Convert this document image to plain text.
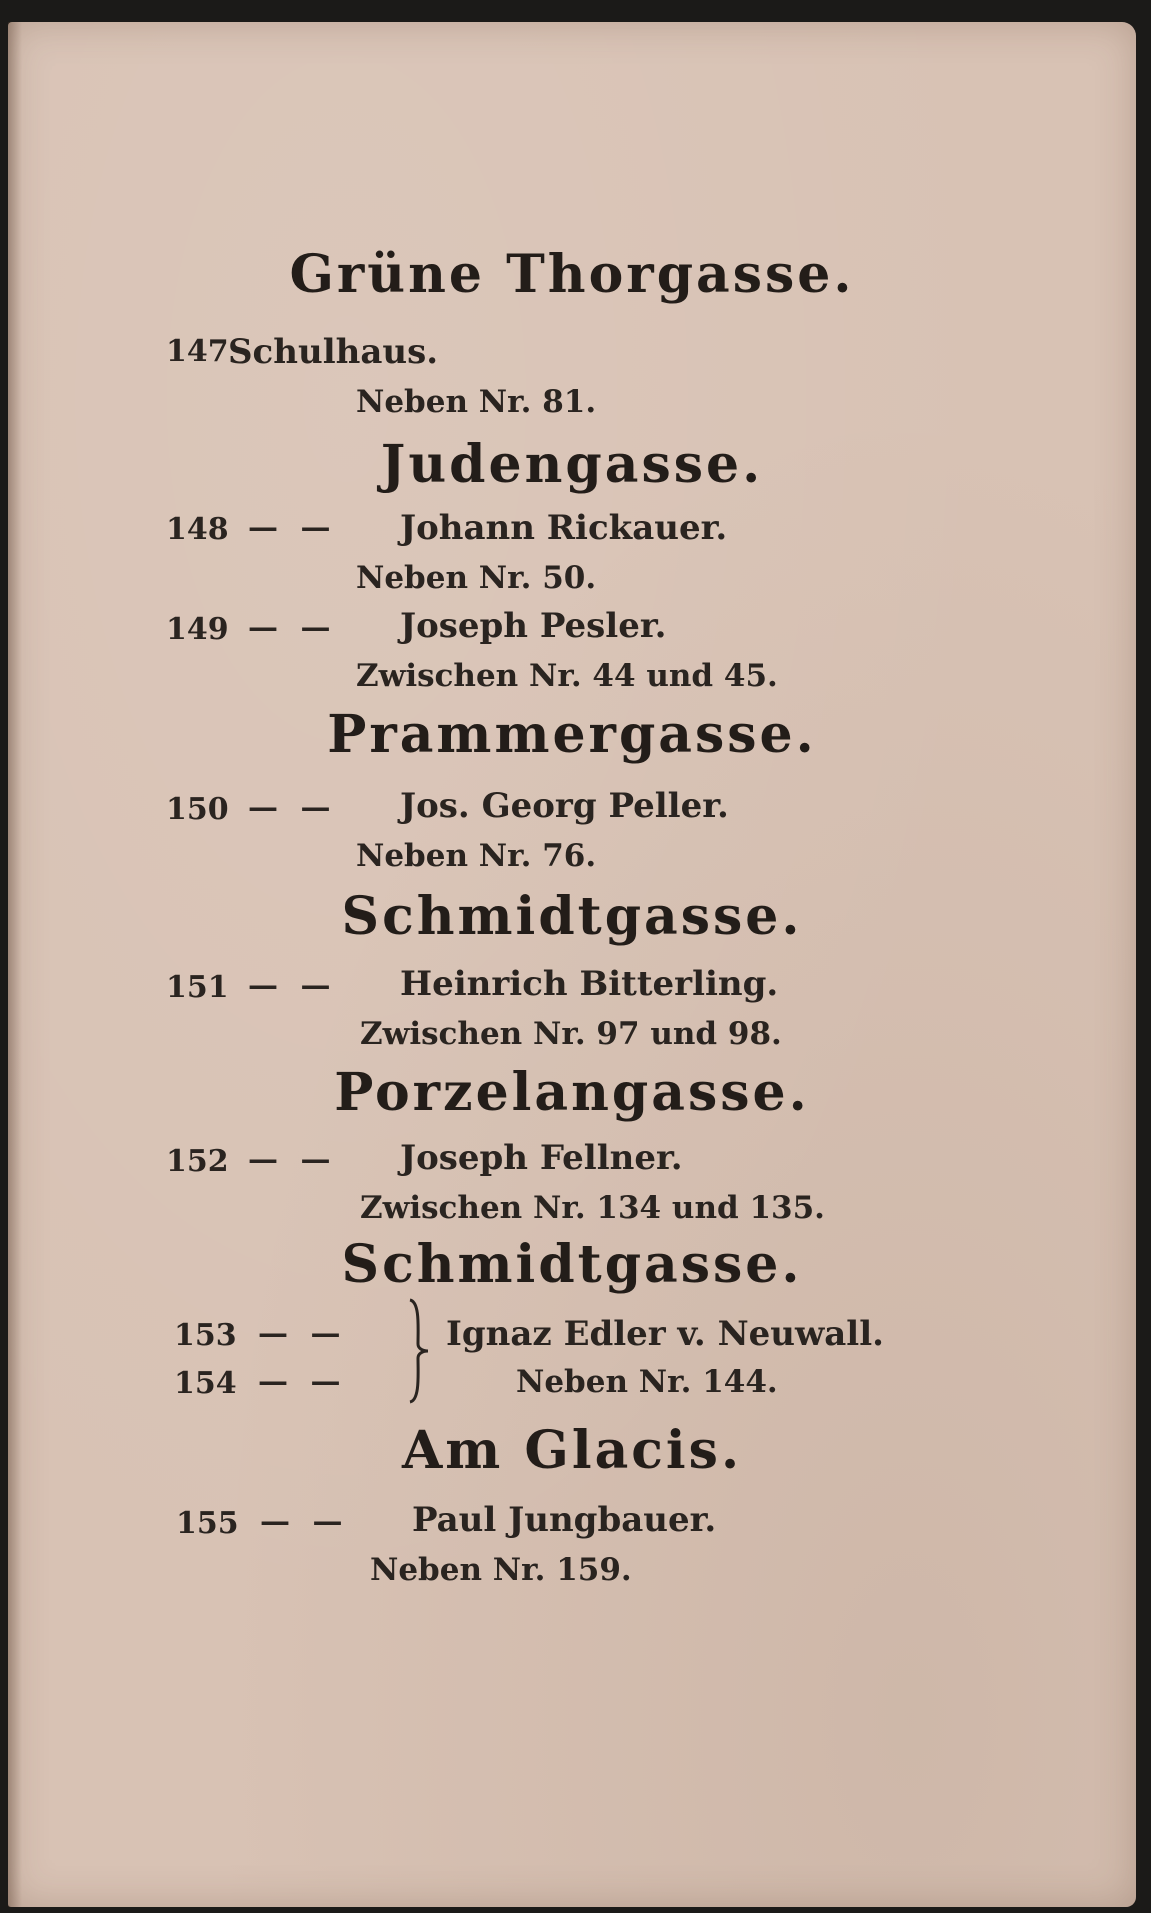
Grüne Thorgasse.
147 Schulhaus.
Neben Nr. 81.
Judengasse.
148 — — Johann Rickauer.
Neben Nr. 50.
149 — — Joseph Pesler.
Zwischen Nr. 44 und 45.
Prammergasse.
150 — — Jos. Georg Peller.
Neben Nr. 76.
Schmidtgasse.
151 — — Heinrich Bitterling.
Zwischen Nr. 97 und 98.
Porzelangasse.
152 — — Joseph Fellner.
Zwischen Nr. 134 und 135.
Schmidtgasse.
153 — —	Ignaz Edler v. Neuwall.
154 — —	Neben Nr. 144.
Am Glacis.
155 — — Paul Jungbauer.
Neben Nr. 159.
